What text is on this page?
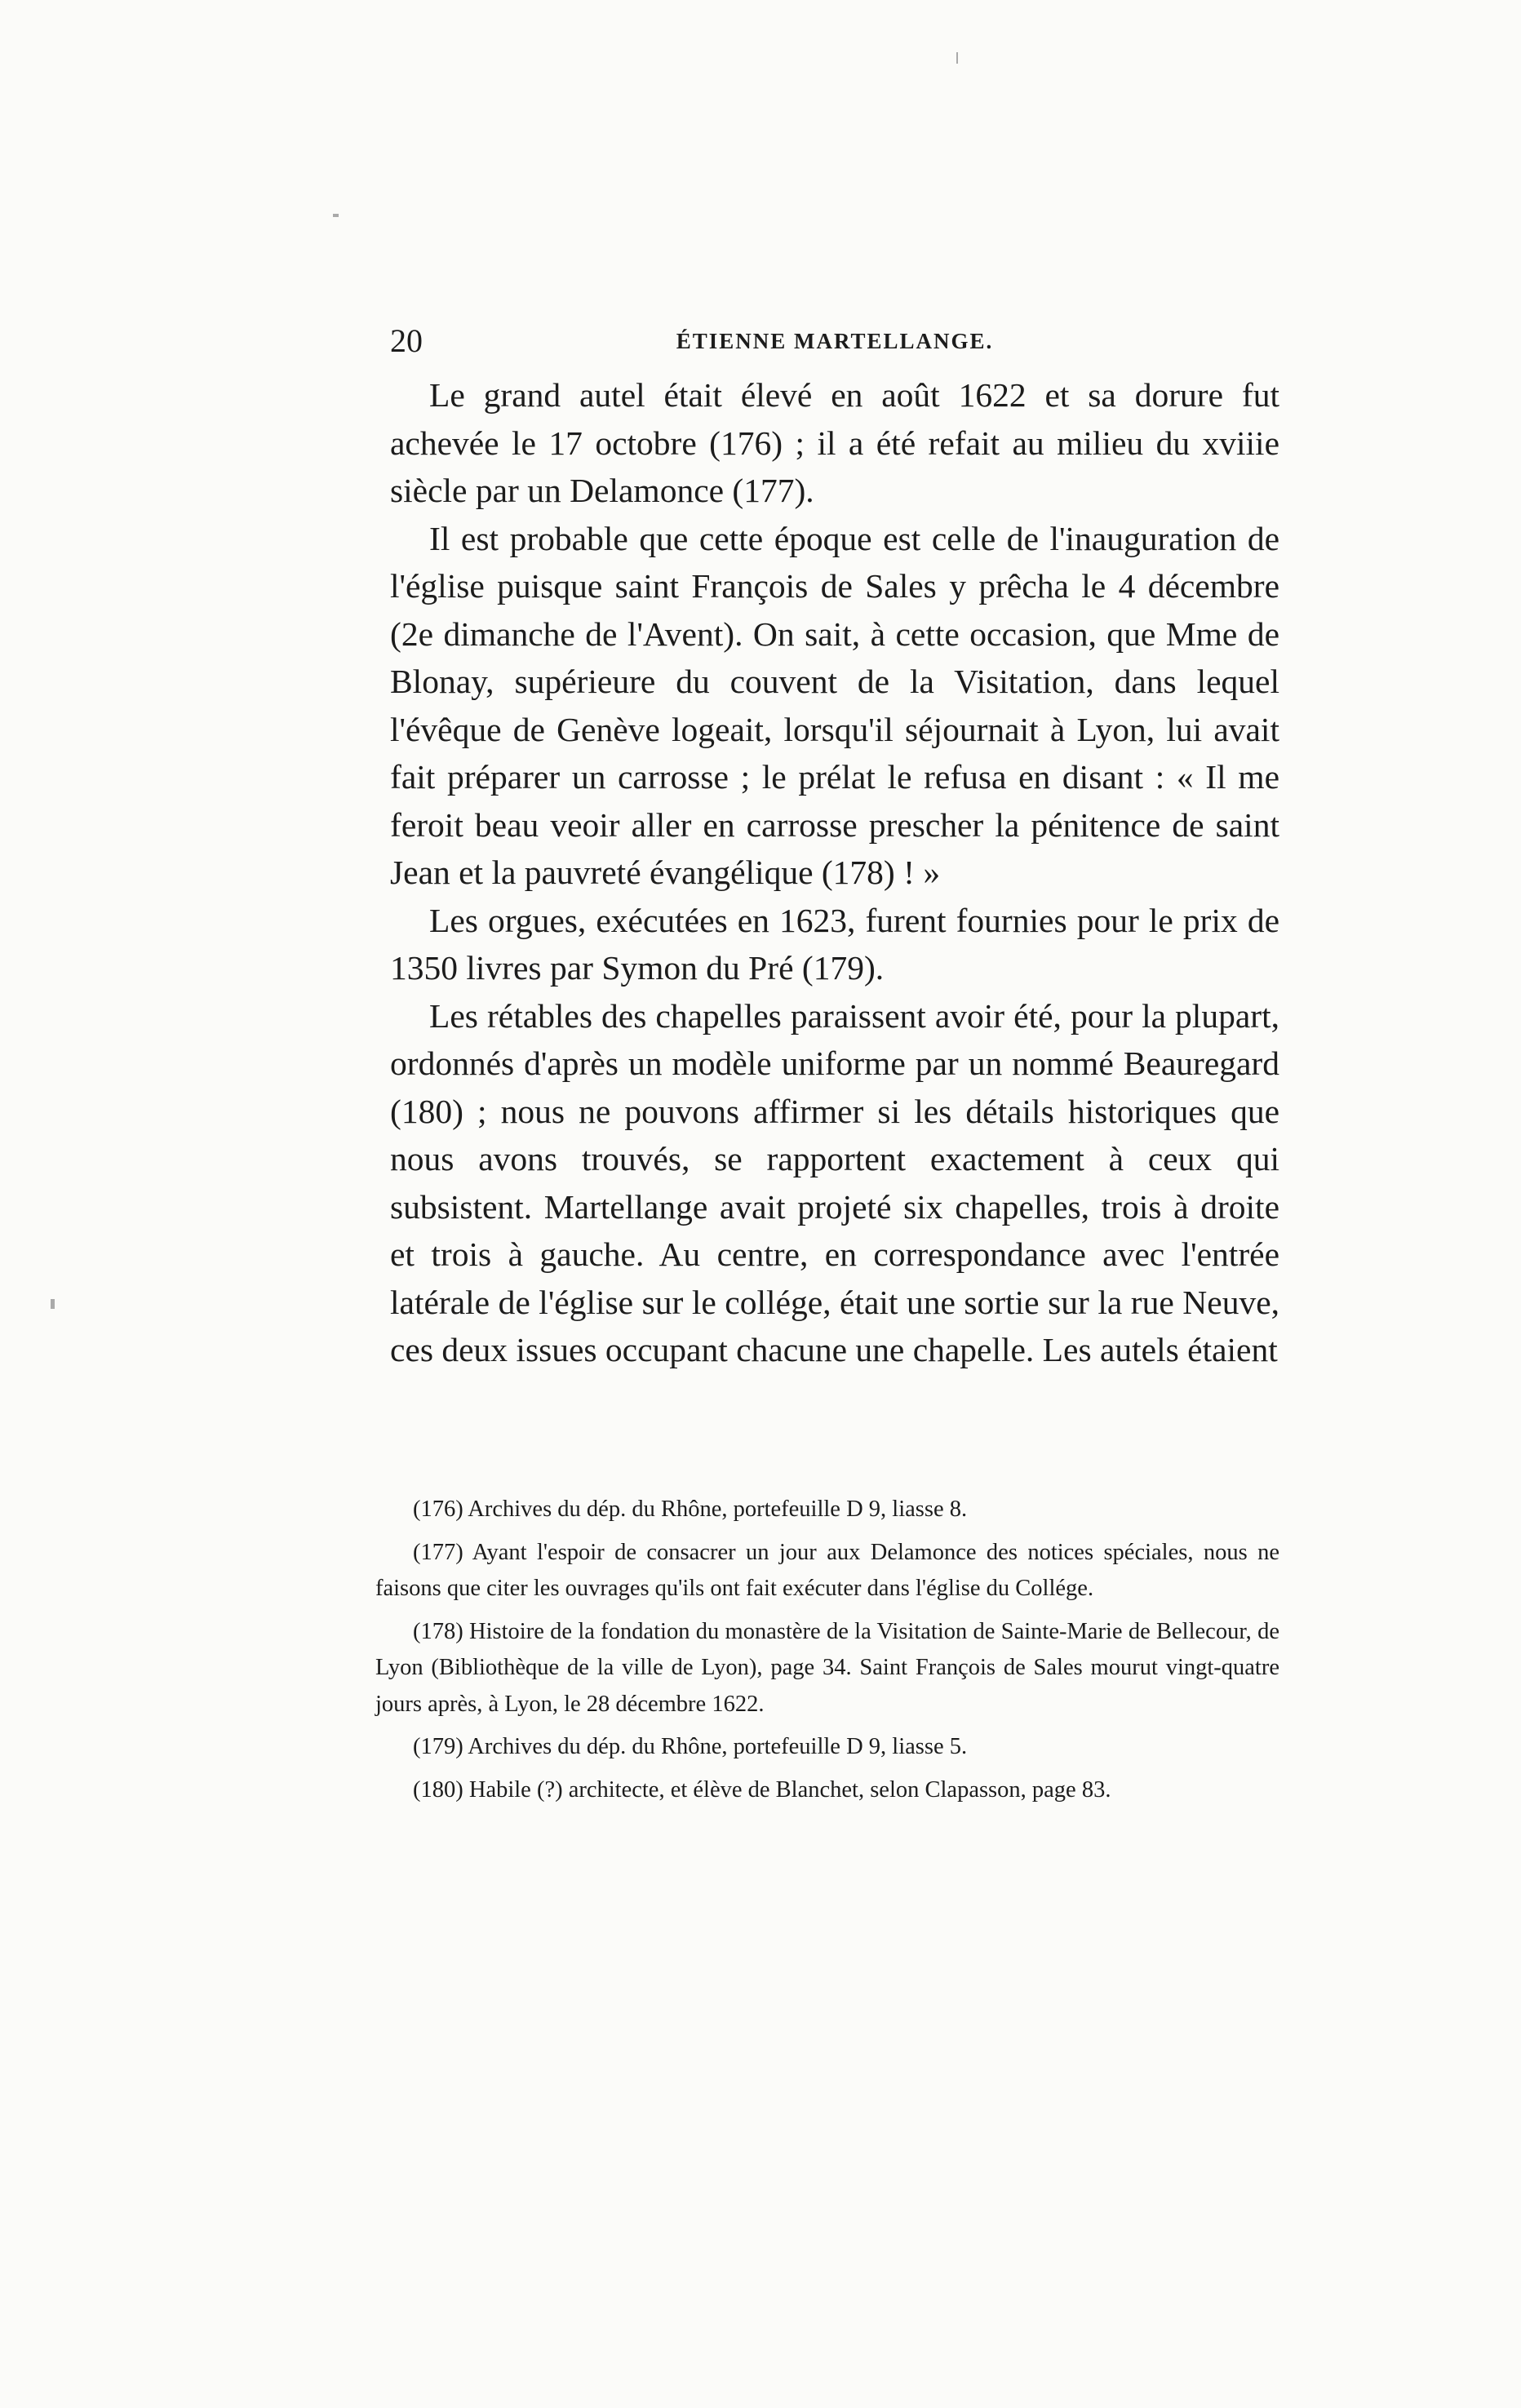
20	ÉTIENNE MARTELLANGE.

Le grand autel était élevé en août 1622 et sa dorure fut achevée le 17 octobre (176) ; il a été refait au milieu du xviiie siècle par un Delamonce (177).

Il est probable que cette époque est celle de l'inauguration de l'église puisque saint François de Sales y prêcha le 4 décembre (2e dimanche de l'Avent). On sait, à cette occasion, que Mme de Blonay, supérieure du couvent de la Visitation, dans lequel l'évêque de Genève logeait, lorsqu'il séjournait à Lyon, lui avait fait préparer un carrosse ; le prélat le refusa en disant : « Il me feroit beau veoir aller en carrosse prescher la pénitence de saint Jean et la pauvreté évangélique (178) ! »

Les orgues, exécutées en 1623, furent fournies pour le prix de 1350 livres par Symon du Pré (179).

Les rétables des chapelles paraissent avoir été, pour la plupart, ordonnés d'après un modèle uniforme par un nommé Beauregard (180) ; nous ne pouvons affirmer si les détails historiques que nous avons trouvés, se rapportent exactement à ceux qui subsistent. Martellange avait projeté six chapelles, trois à droite et trois à gauche. Au centre, en correspondance avec l'entrée latérale de l'église sur le collége, était une sortie sur la rue Neuve, ces deux issues occupant chacune une chapelle. Les autels étaient

(176) Archives du dép. du Rhône, portefeuille D 9, liasse 8.

(177) Ayant l'espoir de consacrer un jour aux Delamonce des notices spéciales, nous ne faisons que citer les ouvrages qu'ils ont fait exécuter dans l'église du Collége.

(178) Histoire de la fondation du monastère de la Visitation de Sainte-Marie de Bellecour, de Lyon (Bibliothèque de la ville de Lyon), page 34. Saint François de Sales mourut vingt-quatre jours après, à Lyon, le 28 décembre 1622.

(179) Archives du dép. du Rhône, portefeuille D 9, liasse 5.

(180) Habile (?) architecte, et élève de Blanchet, selon Clapasson, page 83.
